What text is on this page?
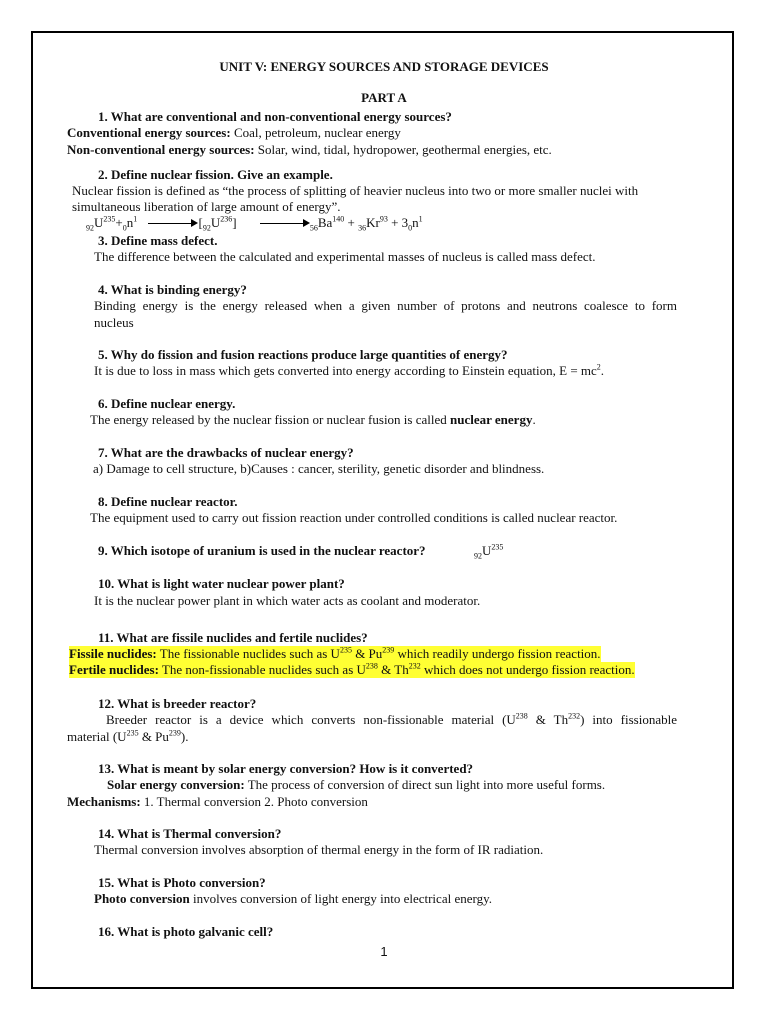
UNIT V: ENERGY SOURCES AND STORAGE DEVICES
PART A
1. What are conventional and non-conventional energy sources?
Conventional energy sources: Coal, petroleum, nuclear energy
Non-conventional energy sources: Solar, wind, tidal, hydropower, geothermal energies, etc.
2. Define nuclear fission. Give an example.
Nuclear fission is defined as “the process of splitting of heavier nucleus into two or more smaller nuclei with
simultaneous liberation of large amount of energy”.
$_{92}U^{235}+_0n^1$	$[_{92}U^{236}]$	$_{56}Ba^{140} + _{36}Kr^{93} + 3_0n^1$
3. Define mass defect.
The difference between the calculated and experimental masses of nucleus is called mass defect.
4. What is binding energy?
Binding energy is the energy released when a given number of protons and neutrons coalesce to form
nucleus
5. Why do fission and fusion reactions produce large quantities of energy?
It is due to loss in mass which gets converted into energy according to Einstein equation, $E = mc^2$.
6. Define nuclear energy.
The energy released by the nuclear fission or nuclear fusion is called nuclear energy.
7. What are the drawbacks of nuclear energy?
a) Damage to cell structure, b)Causes : cancer, sterility, genetic disorder and blindness.
8. Define nuclear reactor.
The equipment used to carry out fission reaction under controlled conditions is called nuclear reactor.
9. Which isotope of uranium is used in the nuclear reactor?	$_{92}U^{235}$
10. What is light water nuclear power plant?
It is the nuclear power plant in which water acts as coolant and moderator.
11. What are fissile nuclides and fertile nuclides?
Fissile nuclides: The fissionable nuclides such as $U^{235}$ & Pu$^{239}$ which readily undergo fission reaction.
Fertile nuclides: The non-fissionable nuclides such as $U^{238}$ & Th$^{232}$ which does not undergo fission reaction.
12. What is breeder reactor?
Breeder reactor is a device which converts non-fissionable material ($U^{238}$ & Th$^{232}$) into fissionable
material ($U^{235}$ & Pu$^{239}$).
13. What is meant by solar energy conversion? How is it converted?
Solar energy conversion: The process of conversion of direct sun light into more useful forms.
Mechanisms: 1. Thermal conversion 2. Photo conversion
14. What is Thermal conversion?
Thermal conversion involves absorption of thermal energy in the form of IR radiation.
15. What is Photo conversion?
Photo conversion involves conversion of light energy into electrical energy.
16. What is photo galvanic cell?
1
